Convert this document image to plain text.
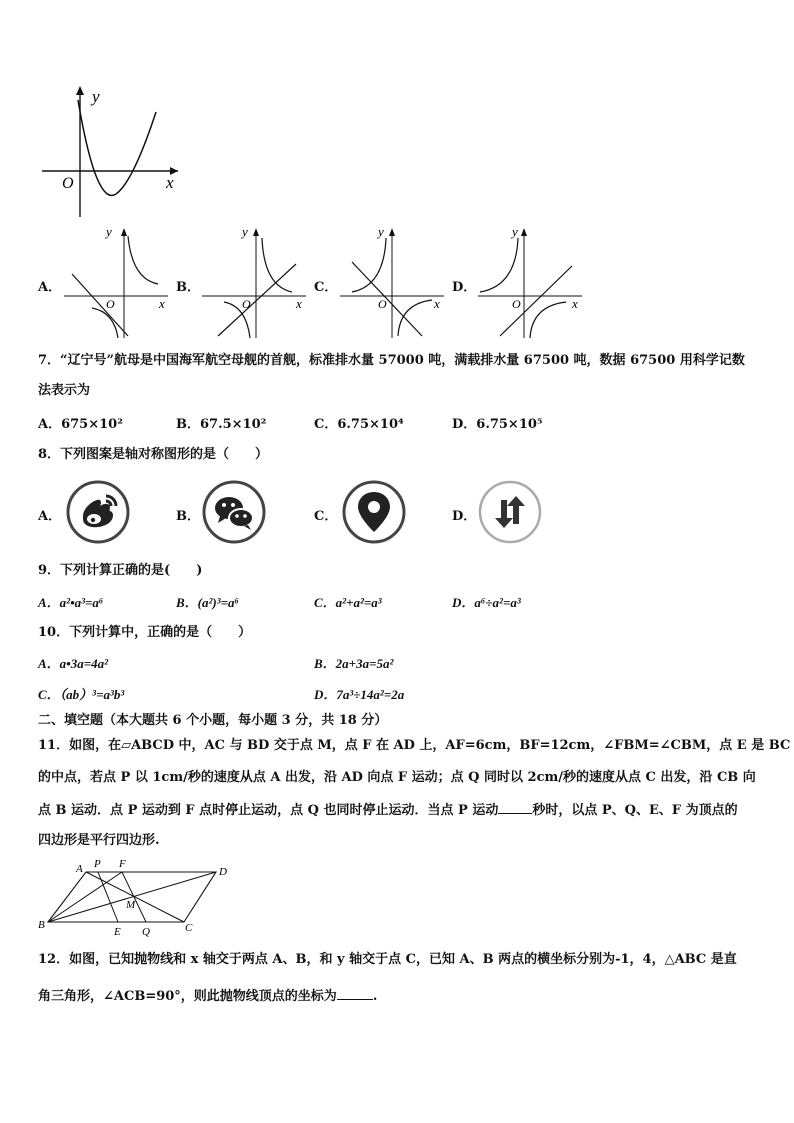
y
x
O
A．
y
x
O
B．
y
x
O
C．
y
x
O
D．
y
x
O
7．“辽宁号”航母是中国海军航空母舰的首舰，标准排水量 57000 吨，满载排水量 67500 吨，数据 67500 用科学记数
法表示为
A．675×10²	B．67.5×10²	C．6.75×10⁴	D．6.75×10⁵
8．下列图案是轴对称图形的是（　　）
A．	B．	C．	D．
9．下列计算正确的是(　　)
A．a²•a³=a⁶	B．(a²)³=a⁶	C．a²+a²=a³	D．a⁶÷a²=a³
10．下列计算中，正确的是（　　）
A．a•3a=4a²	B．2a+3a=5a²
C．（ab）³=a³b³	D．7a³÷14a²=2a
二、填空题（本大题共 6 个小题，每小题 3 分，共 18 分）
11．如图，在▱ABCD 中，AC 与 BD 交于点 M，点 F 在 AD 上，AF=6cm，BF=12cm，∠FBM=∠CBM，点 E 是 BC
的中点，若点 P 以 1cm/秒的速度从点 A 出发，沿 AD 向点 F 运动；点 Q 同时以 2cm/秒的速度从点 C 出发，沿 CB 向
点 B 运动．点 P 运动到 F 点时停止运动，点 Q 也同时停止运动．当点 P 运动	秒时，以点 P、Q、E、F 为顶点的
四边形是平行四边形.
A P F
D
M
B
E Q	C
12．如图，已知抛物线和 x 轴交于两点 A、B，和 y 轴交于点 C，已知 A、B 两点的横坐标分别为-1，4，△ABC 是直
角三角形，∠ACB=90°，则此抛物线顶点的坐标为	.
